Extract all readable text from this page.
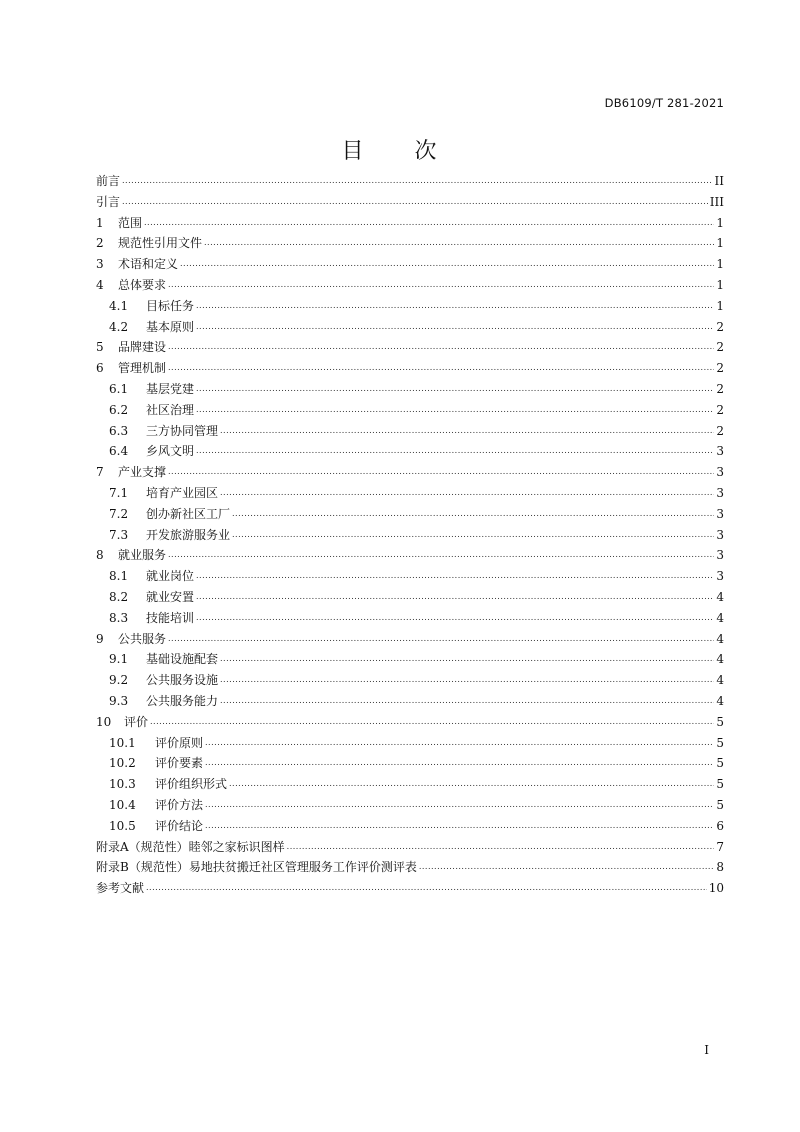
DB6109/T 281-2021
目 次
前言 .....	II
引言 .....	III
1	范围 .....	1
2	规范性引用文件 .....	1
3	术语和定义 .....	1
4	总体要求 .....	1
4.1	目标任务 .....	1
4.2	基本原则 .....	2
5	品牌建设 .....	2
6	管理机制 .....	2
6.1	基层党建 .....	2
6.2	社区治理 .....	2
6.3	三方协同管理 .....	2
6.4	乡风文明 .....	3
7	产业支撑 .....	3
7.1	培育产业园区 .....	3
7.2	创办新社区工厂 .....	3
7.3	开发旅游服务业 .....	3
8	就业服务 .....	3
8.1	就业岗位 .....	3
8.2	就业安置 .....	4
8.3	技能培训 .....	4
9	公共服务 .....	4
9.1	基础设施配套 .....	4
9.2	公共服务设施 .....	4
9.3	公共服务能力 .....	4
10	评价 .....	5
10.1	评价原则 .....	5
10.2	评价要素 .....	5
10.3	评价组织形式 .....	5
10.4	评价方法 .....	5
10.5	评价结论 .....	6
附录A（规范性）睦邻之家标识图样 .....	7
附录B（规范性）易地扶贫搬迁社区管理服务工作评价测评表 .....	8
参考文献 .....	10
I
